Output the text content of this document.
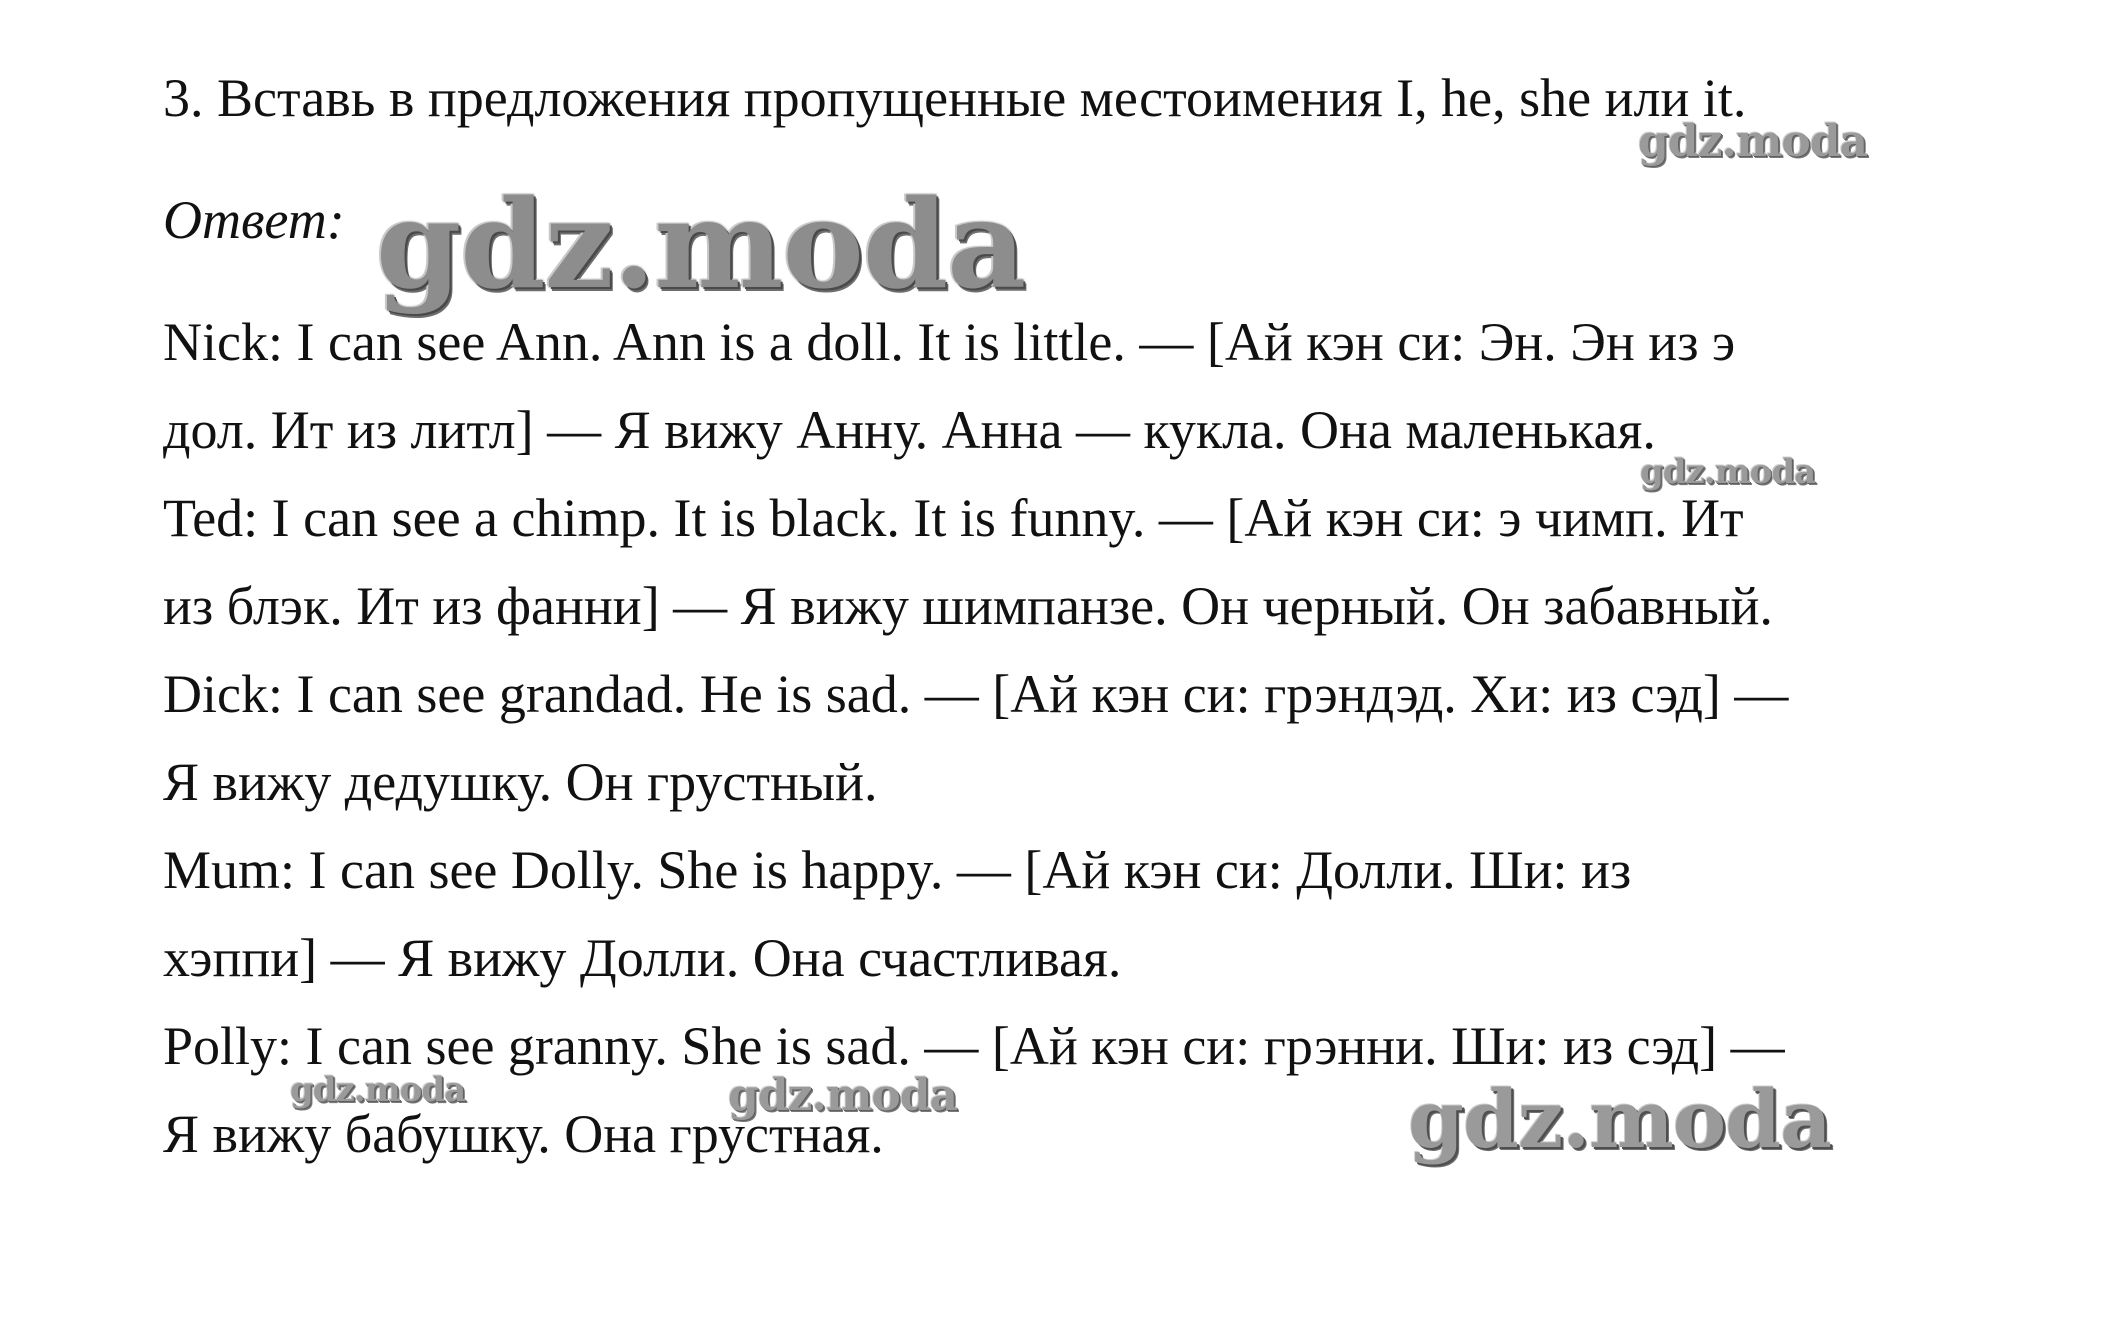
3. Вставь в предложения пропущенные местоимения I, he, she или it.
gdz.moda
Ответ: gdz.moda
Nick: I can see Ann. Ann is a doll. It is little. — [Ай кэн си: Эн. Эн из э
дол. Ит из литл] — Я вижу Анну. Анна — кукла. Она маленькая.
Ted: I can see a chimp. It is black. It is funny. — [Ай кэн си: э чимп. Ит
из блэк. Ит из фанни] — Я вижу шимпанзе. Он черный. Он забавный.
Dick: I can see grandad. He is sad. — [Ай кэн си: грэндэд. Хи: из сэд] —
Я вижу дедушку. Он грустный.
Mum: I can see Dolly. She is happy. — [Ай кэн си: Долли. Ши: из
хэппи] — Я вижу Долли. Она счастливая.
Polly: I can see granny. She is sad. — [Ай кэн си: грэнни. Ши: из сэд] —
Я вижу бабушку. Она грустная.
gdz.moda
gdz.moda	gdz.moda	gdz.moda
